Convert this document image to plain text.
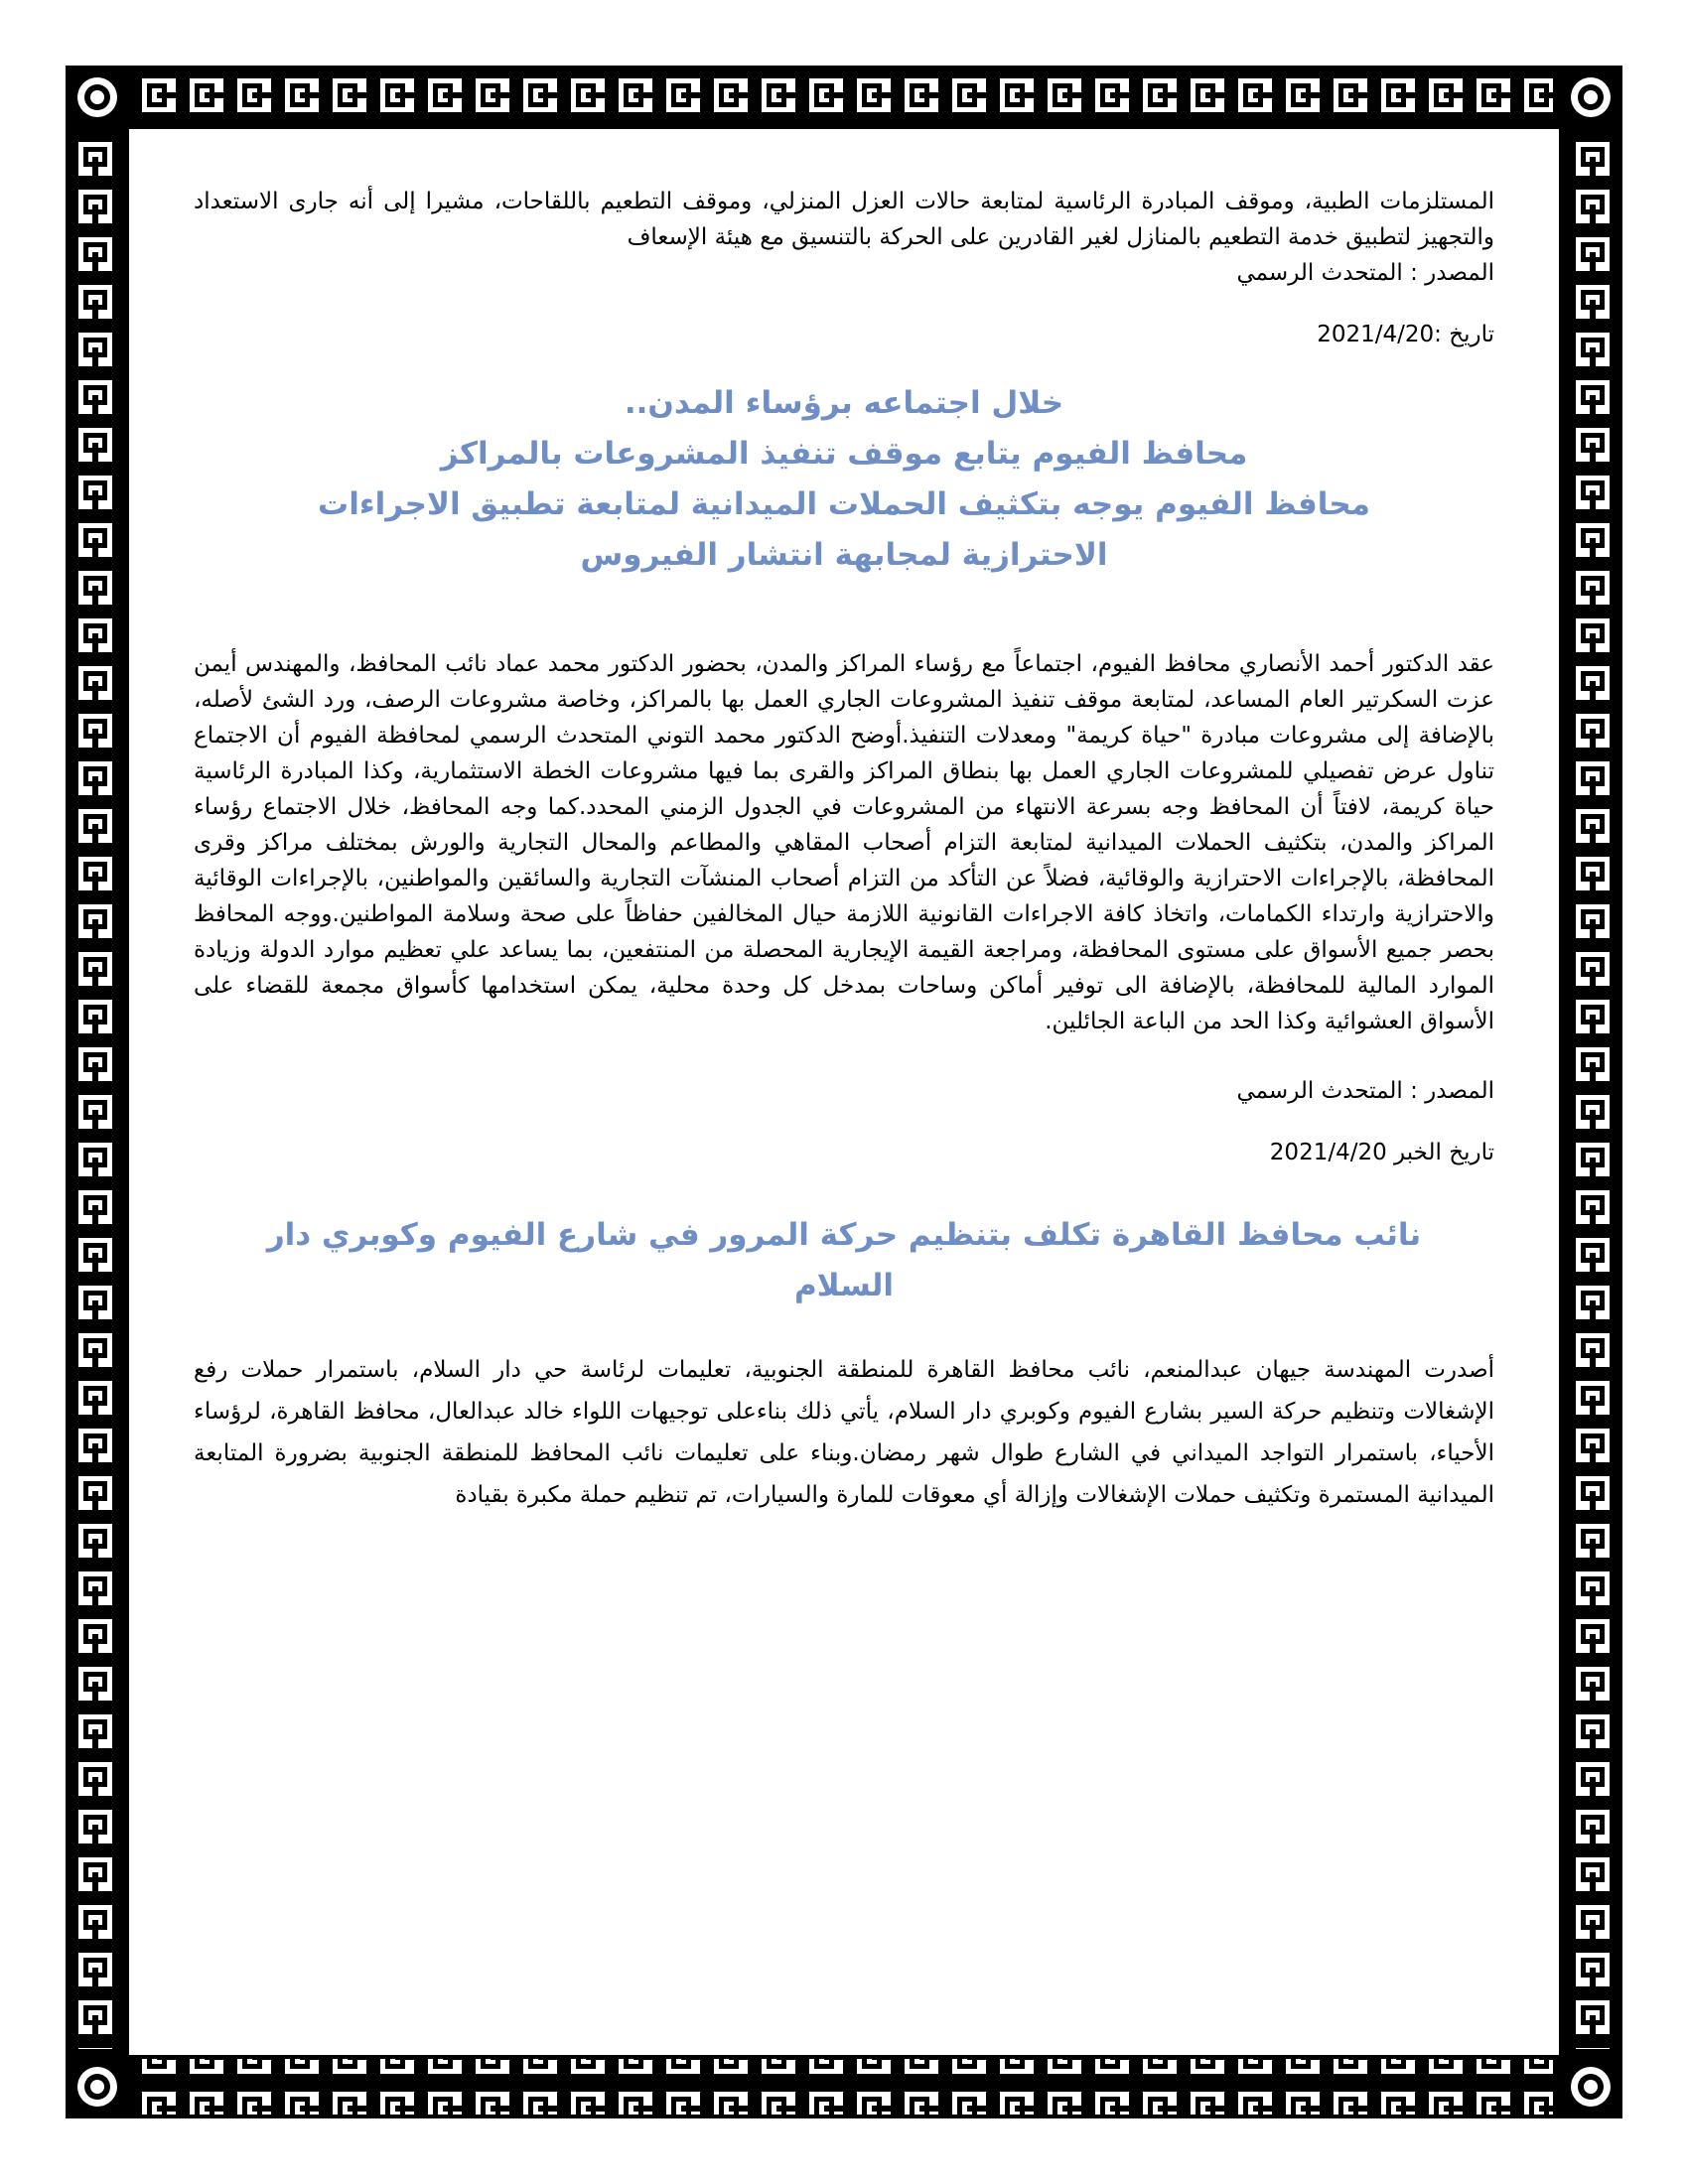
المستلزمات الطبية، وموقف المبادرة الرئاسية لمتابعة حالات العزل المنزلي، وموقف التطعيم باللقاحات، مشيرا إلى أنه جارى الاستعداد والتجهيز لتطبيق خدمة التطعيم بالمنازل لغير القادرين على الحركة بالتنسيق مع هيئة الإسعاف

المصدر : المتحدث الرسمي

تاريخ :2021/4/20

خلال اجتماعه برؤساء المدن..
محافظ الفيوم يتابع موقف تنفيذ المشروعات بالمراكز
محافظ الفيوم يوجه بتكثيف الحملات الميدانية لمتابعة تطبيق الاجراءات
الاحترازية لمجابهة انتشار الفيروس

عقد الدكتور أحمد الأنصاري محافظ الفيوم، اجتماعاً مع رؤساء المراكز والمدن، بحضور الدكتور محمد عماد نائب المحافظ، والمهندس أيمن عزت السكرتير العام المساعد، لمتابعة موقف تنفيذ المشروعات الجاري العمل بها بالمراكز، وخاصة مشروعات الرصف، ورد الشئ لأصله، بالإضافة إلى مشروعات مبادرة "حياة كريمة" ومعدلات التنفيذ.أوضح الدكتور محمد التوني المتحدث الرسمي لمحافظة الفيوم أن الاجتماع تناول عرض تفصيلي للمشروعات الجاري العمل بها بنطاق المراكز والقرى بما فيها مشروعات الخطة الاستثمارية، وكذا المبادرة الرئاسية حياة كريمة، لافتاً أن المحافظ وجه بسرعة الانتهاء من المشروعات في الجدول الزمني المحدد.كما وجه المحافظ، خلال الاجتماع رؤساء المراكز والمدن، بتكثيف الحملات الميدانية لمتابعة التزام أصحاب المقاهي والمطاعم والمحال التجارية والورش بمختلف مراكز وقرى المحافظة، بالإجراءات الاحترازية والوقائية، فضلاً عن التأكد من التزام أصحاب المنشآت التجارية والسائقين والمواطنين، بالإجراءات الوقائية والاحترازية وارتداء الكمامات، واتخاذ كافة الاجراءات القانونية اللازمة حيال المخالفين حفاظاً على صحة وسلامة المواطنين.ووجه المحافظ بحصر جميع الأسواق على مستوى المحافظة، ومراجعة القيمة الإيجارية المحصلة من المنتفعين، بما يساعد علي تعظيم موارد الدولة وزيادة الموارد المالية للمحافظة، بالإضافة الى توفير أماكن وساحات بمدخل كل وحدة محلية، يمكن استخدامها كأسواق مجمعة للقضاء على الأسواق العشوائية وكذا الحد من الباعة الجائلين.

المصدر : المتحدث الرسمي

تاريخ الخبر 2021/4/20

نائب محافظ القاهرة تكلف بتنظيم حركة المرور في شارع الفيوم وكوبري دار
السلام

أصدرت المهندسة جيهان عبدالمنعم، نائب محافظ القاهرة للمنطقة الجنوبية، تعليمات لرئاسة حي دار السلام، باستمرار حملات رفع الإشغالات وتنظيم حركة السير بشارع الفيوم وكوبري دار السلام، يأتي ذلك بناءعلى توجيهات اللواء خالد عبدالعال، محافظ القاهرة، لرؤساء الأحياء، باستمرار التواجد الميداني في الشارع طوال شهر رمضان.وبناء على تعليمات نائب المحافظ للمنطقة الجنوبية بضرورة المتابعة الميدانية المستمرة وتكثيف حملات الإشغالات وإزالة أي معوقات للمارة والسيارات، تم تنظيم حملة مكبرة بقيادة
